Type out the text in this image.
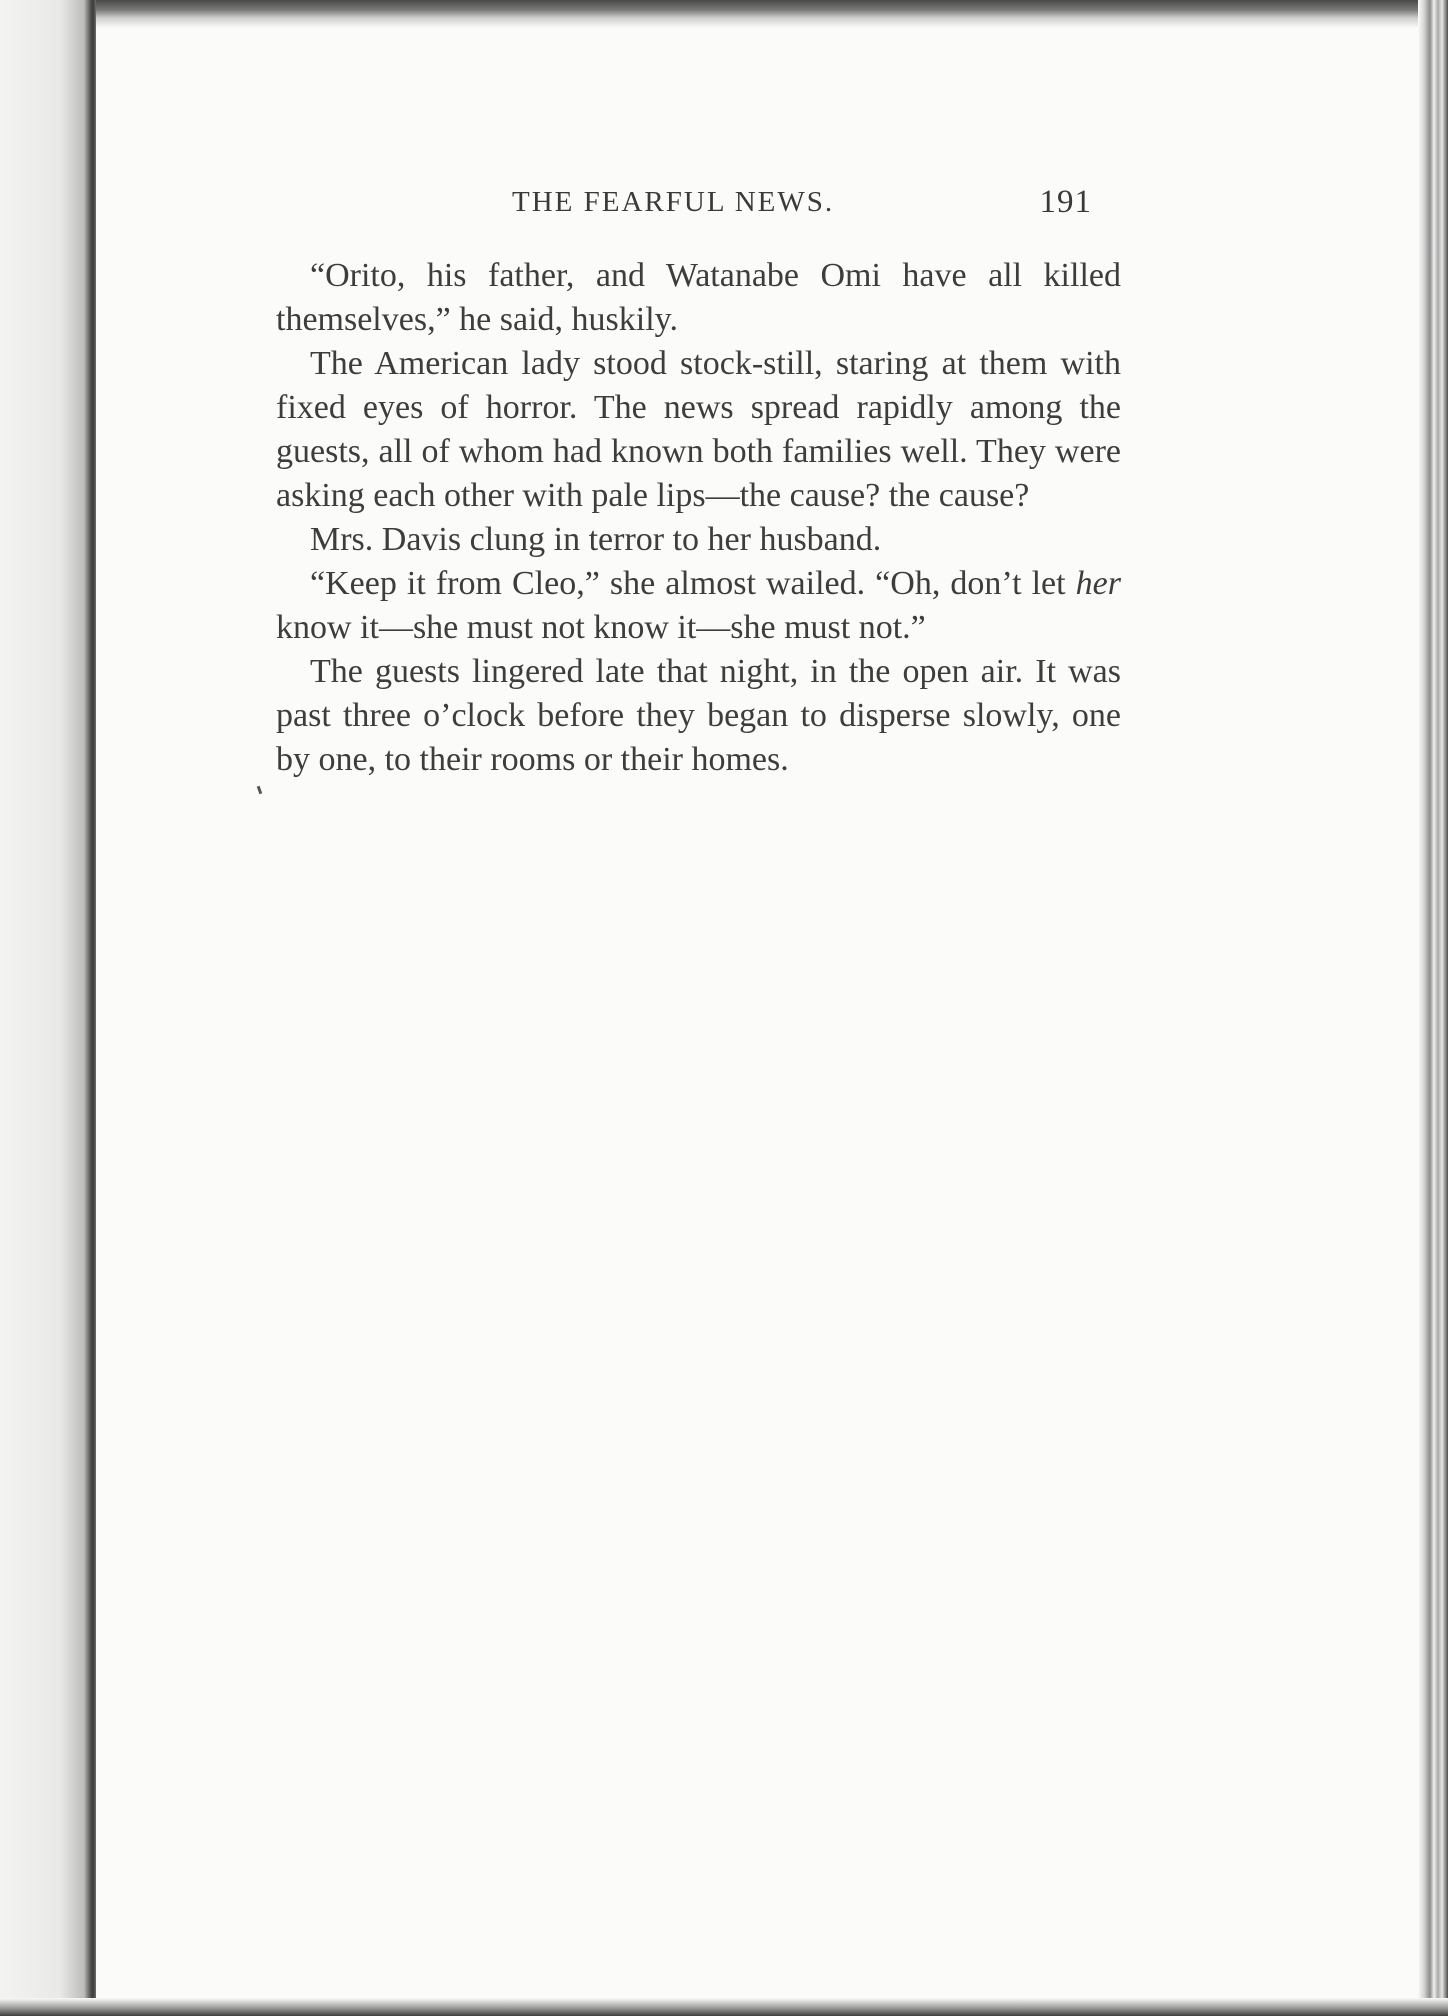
THE FEARFUL NEWS.	191

“Orito, his father, and Watanabe Omi have all killed themselves,” he said, huskily.

The American lady stood stock-still, staring at them with fixed eyes of horror. The news spread rapidly among the guests, all of whom had known both families well. They were asking each other with pale lips—the cause? the cause?

Mrs. Davis clung in terror to her husband.

“Keep it from Cleo,” she almost wailed. “Oh, don’t let her know it—she must not know it—she must not.”

The guests lingered late that night, in the open air. It was past three o’clock before they began to disperse slowly, one by one, to their rooms or their homes.
